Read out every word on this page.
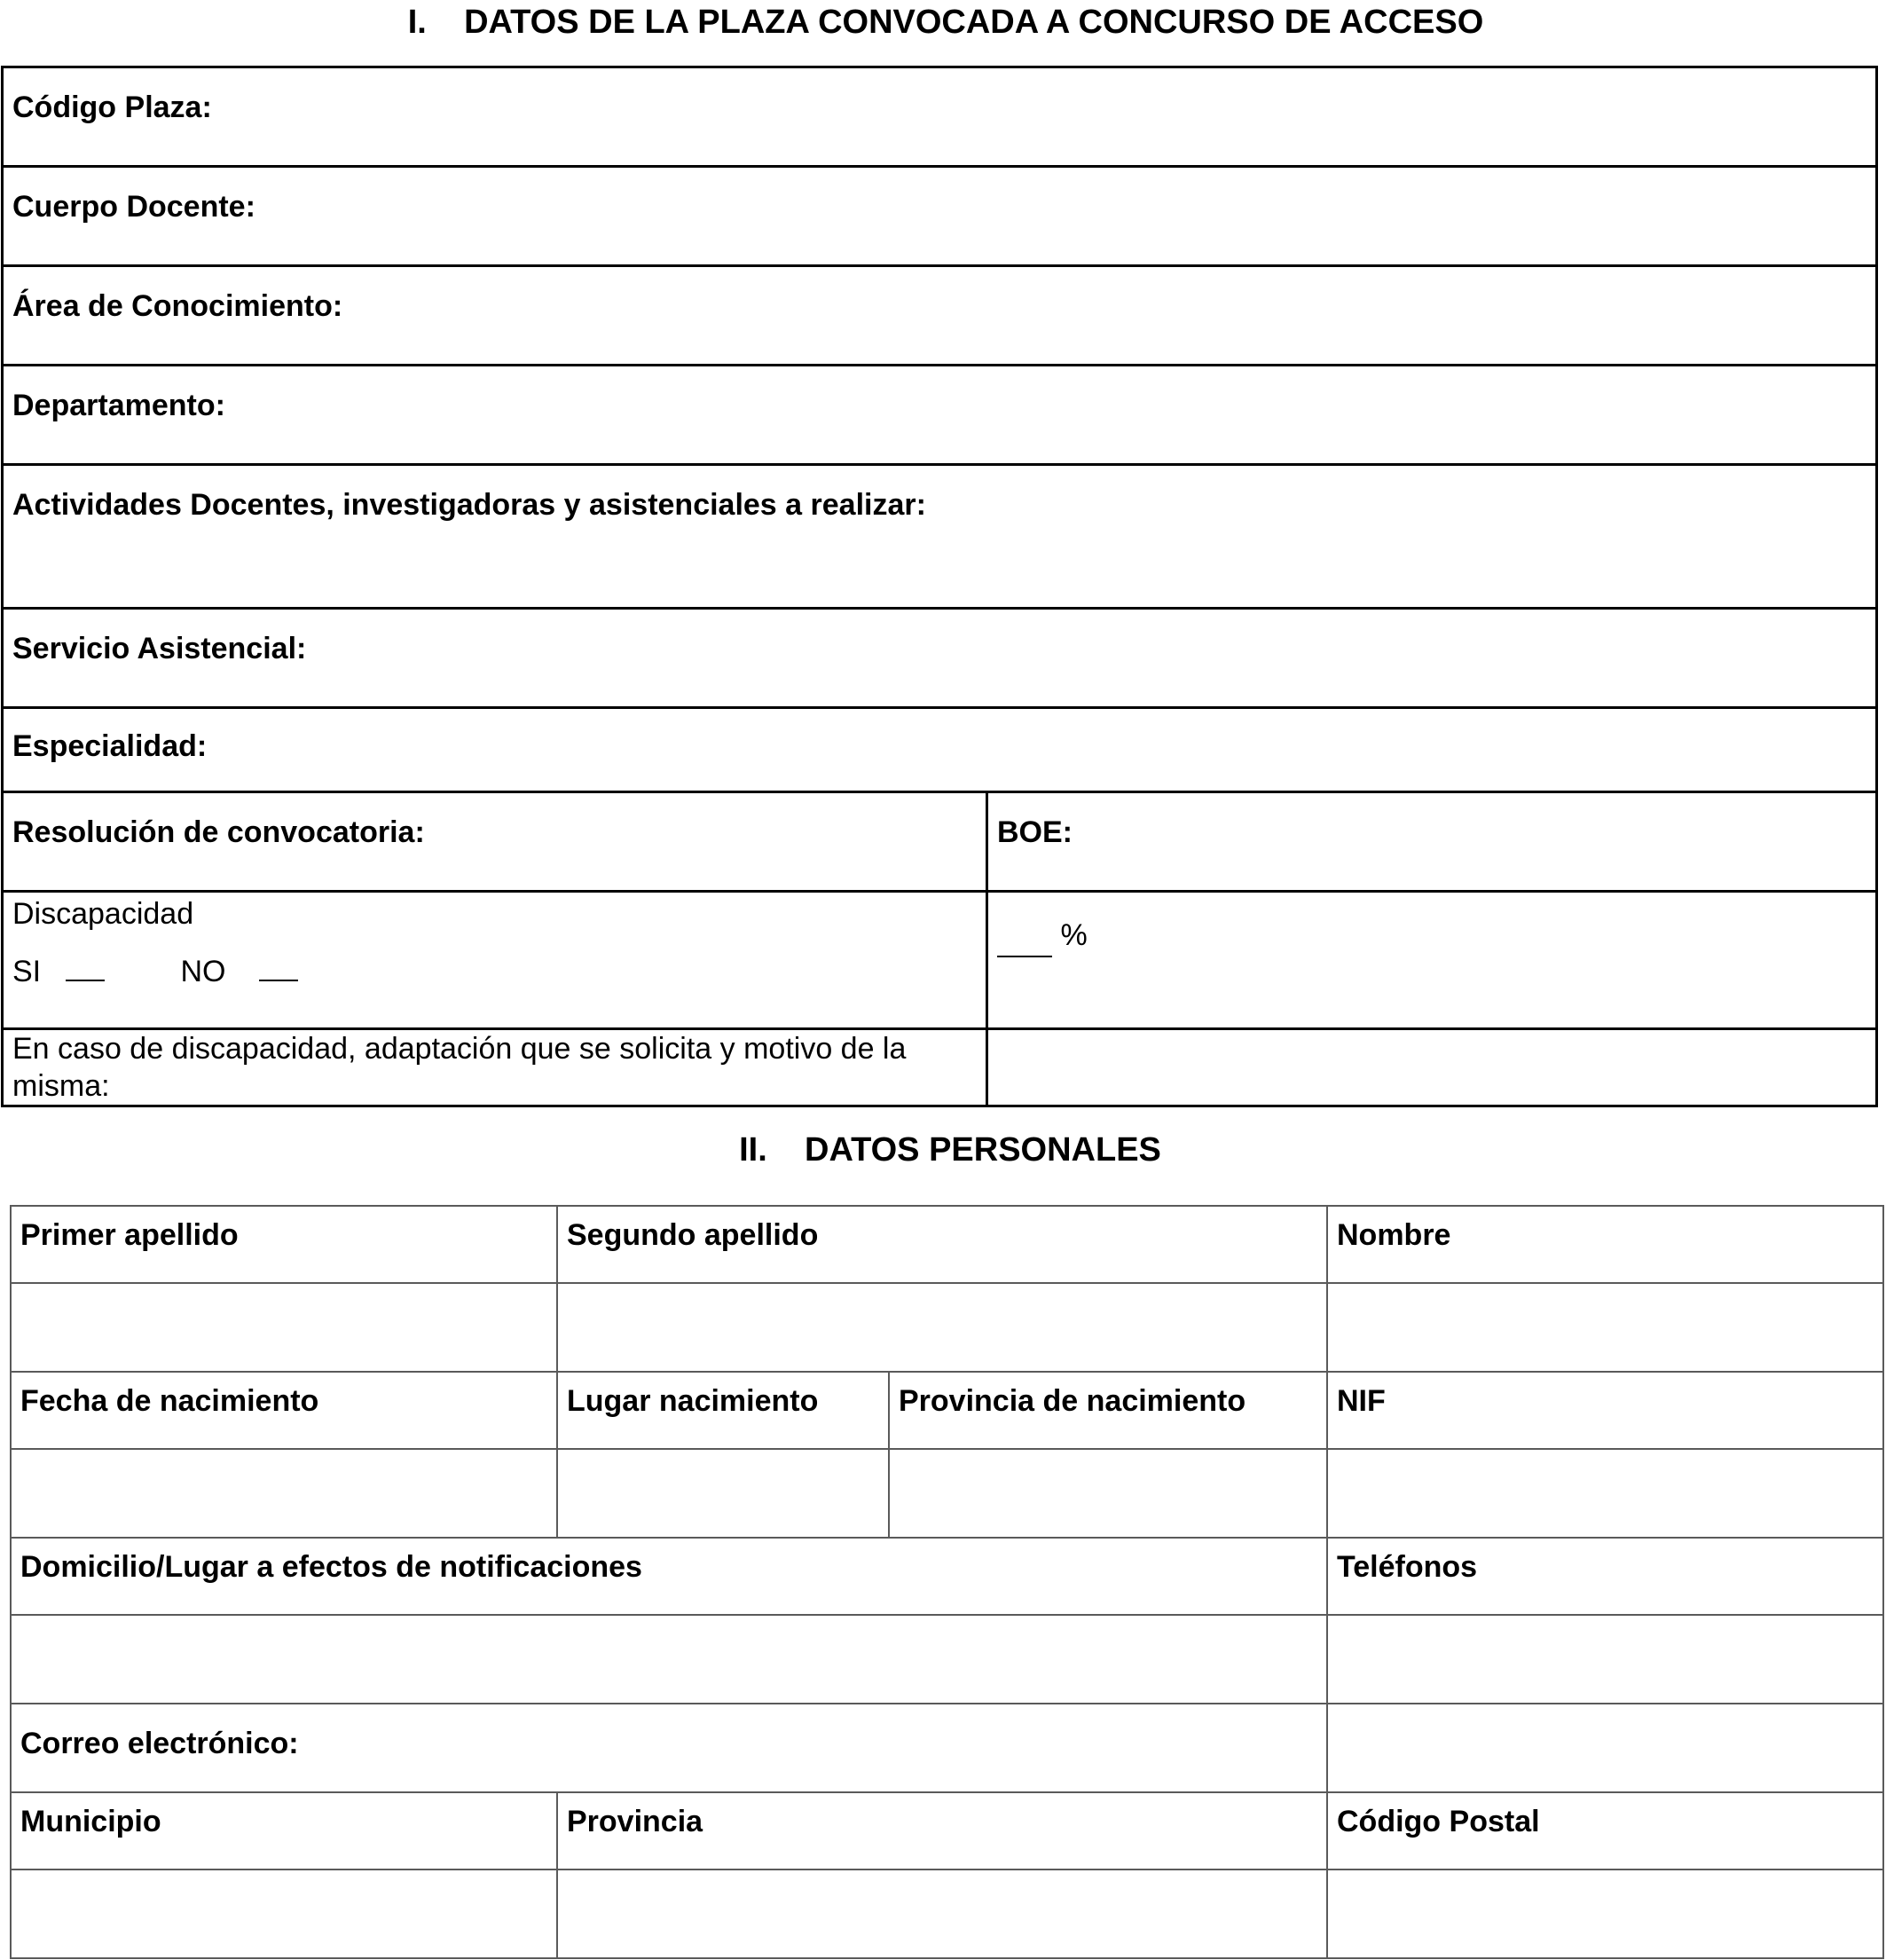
I. DATOS DE LA PLAZA CONVOCADA A CONCURSO DE ACCESO
Código Plaza:	

Cuerpo Docente:	

Área de Conocimiento:	

Departamento:	

Actividades Docentes, investigadoras y asistenciales a realizar:	

Servicio Asistencial:	

Especialidad:	

Resolución de convocatoria:	BOE:

Discapacidad
SI NO	%

En caso de discapacidad, adaptación que se solicita y motivo de la misma:	

II. DATOS PERSONALES
Primer apellido	Segundo apellido		Nombre

Fecha de nacimiento	Lugar nacimiento	Provincia de nacimiento	NIF

Domicilio/Lugar a efectos de notificaciones			Teléfonos

Correo electrónico:			

Municipio	Provincia		Código Postal
